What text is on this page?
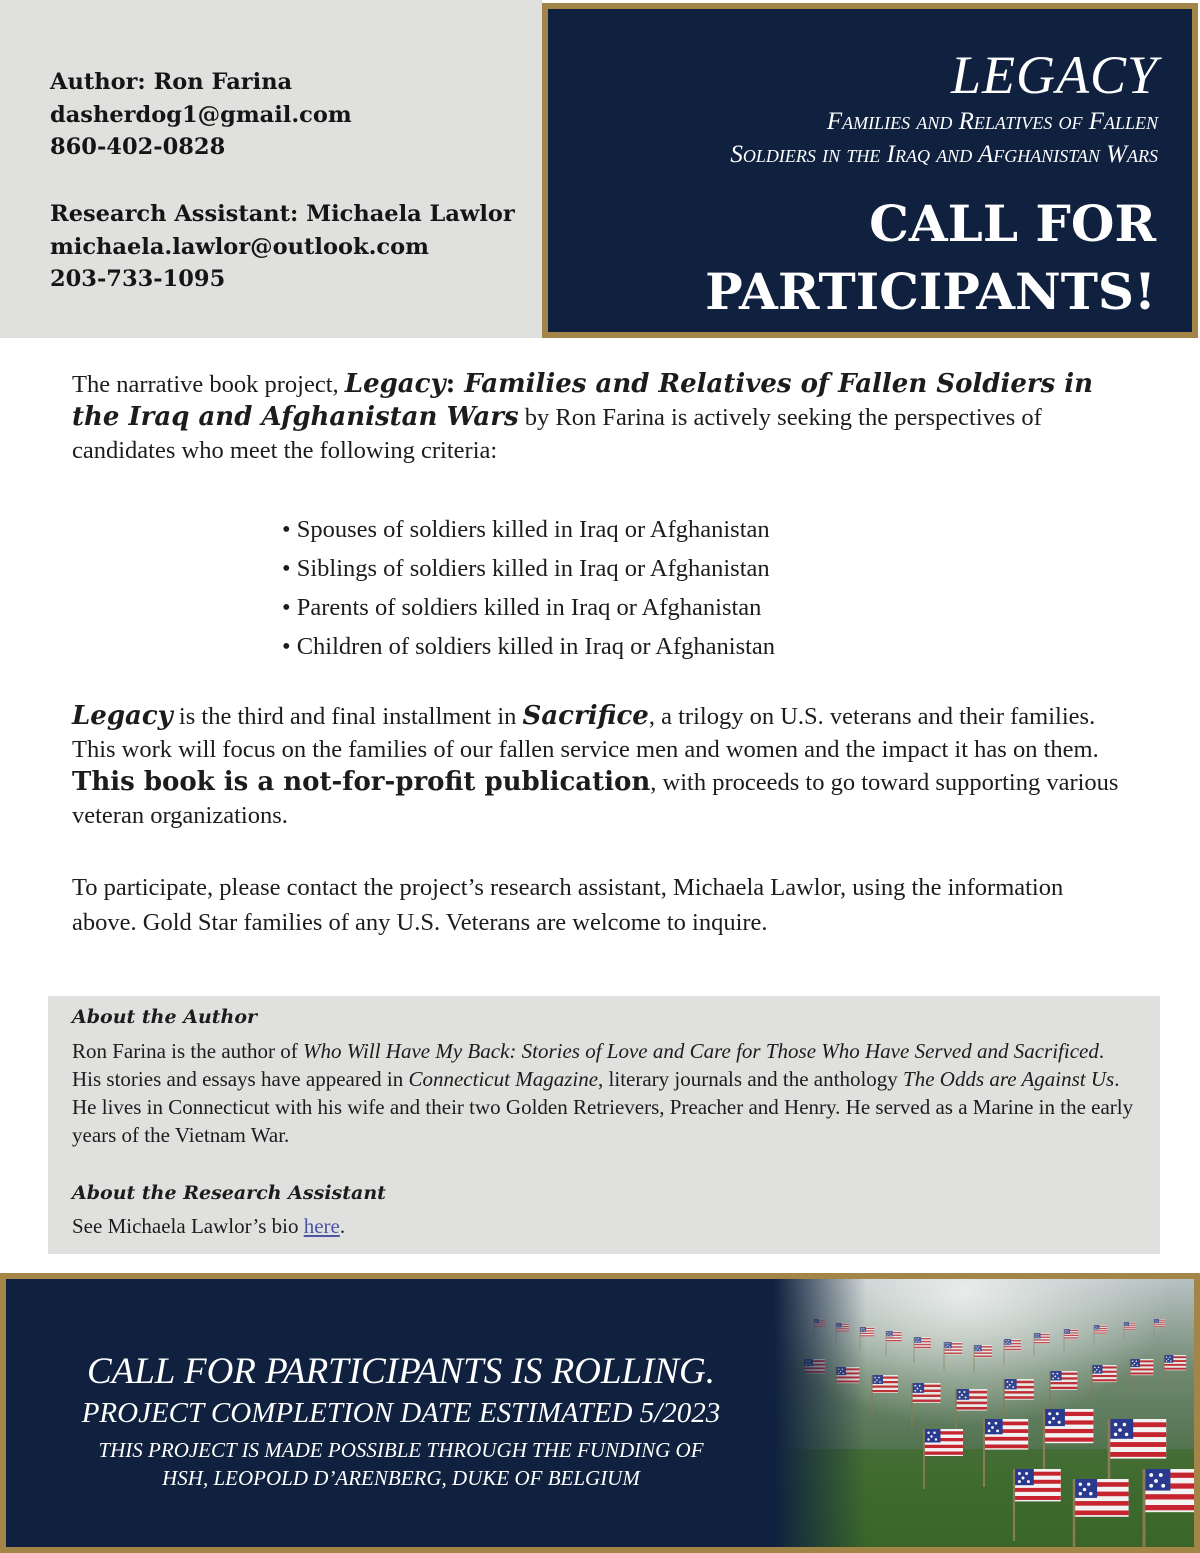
Author: Ron Farina
dasherdog1@gmail.com
860-402-0828
Research Assistant: Michaela Lawlor
michaela.lawlor@outlook.com
203-733-1095
LEGACY
Families and Relatives of Fallen
Soldiers in the Iraq and Afghanistan Wars
CALL FOR
PARTICIPANTS!
The narrative book project, Legacy: Families and Relatives of Fallen Soldiers in the Iraq and Afghanistan Wars by Ron Farina is actively seeking the perspectives of candidates who meet the following criteria:
• Spouses of soldiers killed in Iraq or Afghanistan
• Siblings of soldiers killed in Iraq or Afghanistan
• Parents of soldiers killed in Iraq or Afghanistan
• Children of soldiers killed in Iraq or Afghanistan
Legacy is the third and final installment in Sacrifice, a trilogy on U.S. veterans and their families. This work will focus on the families of our fallen service men and women and the impact it has on them. This book is a not-for-profit publication, with proceeds to go toward supporting various veteran organizations.
To participate, please contact the project’s research assistant, Michaela Lawlor, using the information above. Gold Star families of any U.S. Veterans are welcome to inquire.
About the Author
Ron Farina is the author of Who Will Have My Back: Stories of Love and Care for Those Who Have Served and Sacrificed. His stories and essays have appeared in Connecticut Magazine, literary journals and the anthology The Odds are Against Us. He lives in Connecticut with his wife and their two Golden Retrievers, Preacher and Henry. He served as a Marine in the early years of the Vietnam War.
About the Research Assistant
See Michaela Lawlor’s bio here.
CALL FOR PARTICIPANTS IS ROLLING.
PROJECT COMPLETION DATE ESTIMATED 5/2023
THIS PROJECT IS MADE POSSIBLE THROUGH THE FUNDING OF
HSH, LEOPOLD D’ARENBERG, DUKE OF BELGIUM
